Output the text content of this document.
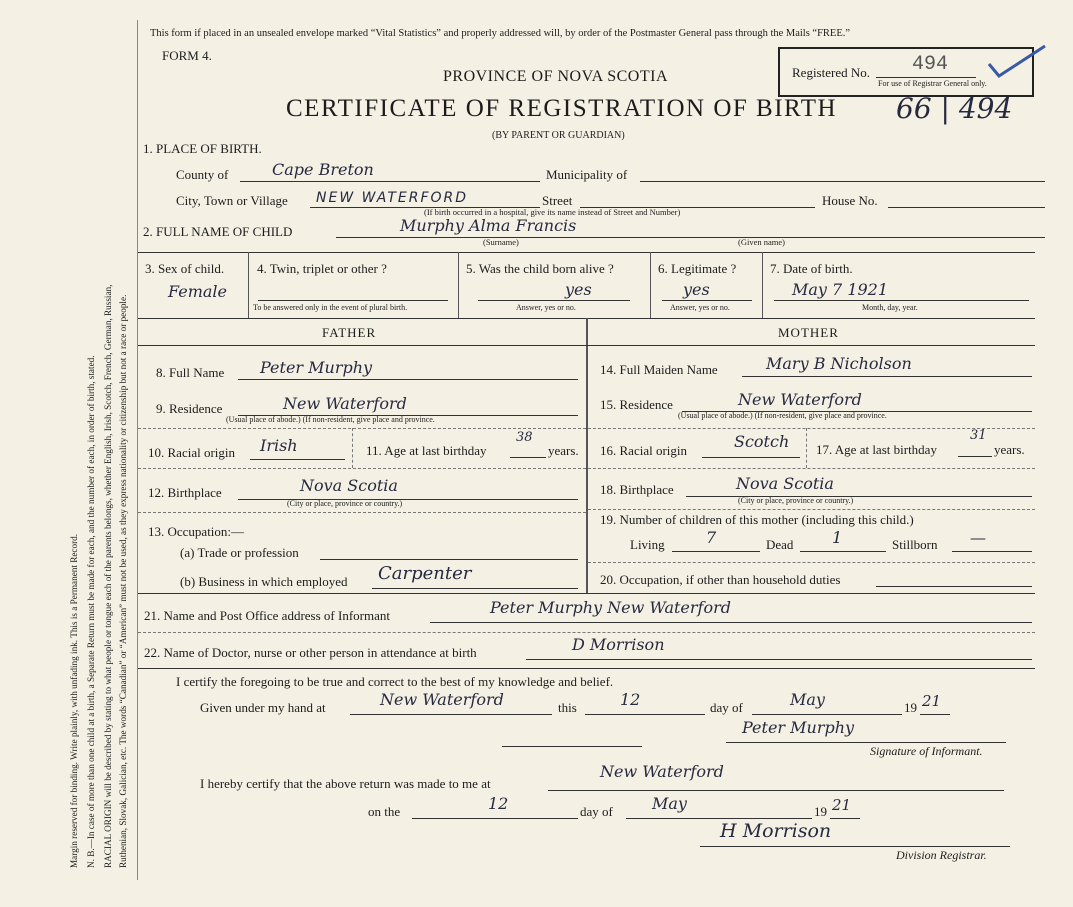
Margin reserved for binding. Write plainly, with unfading ink. This is a Permanent Record. N. B.—In case of more than one child at a birth, a Separate Return must be made for each, and the number of each, in order of birth, stated. RACIAL ORIGIN will be described by stating to what people or tongue each of the parents belongs, whether English, Irish, Scotch, French, German, Russian, Ruthenian, Slovak, Galician, etc. The words “Canadian” or “American” must not be used, as they express nationality or citizenship but not a race or people.
This form if placed in an unsealed envelope marked “Vital Statistics” and properly addressed will, by order of the Postmaster General pass through the Mails “FREE.”
FORM 4.
PROVINCE OF NOVA SCOTIA
CERTIFICATE OF REGISTRATION OF BIRTH
(BY PARENT OR GUARDIAN)
Registered No. 494
For use of Registrar General only.
66 | 494
1. PLACE OF BIRTH.
County of	Cape Breton	Municipality of
City, Town or Village NEW WATERFORD	Street	House No.
(If birth occurred in a hospital, give its name instead of Street and Number)
2. FULL NAME OF CHILD	Murphy Alma Francis
(Surname)	(Given name)
3. Sex of child.
Female
4. Twin, triplet or other ?
To be answered only in the event of plural birth.
5. Was the child born alive ?
yes
Answer, yes or no.
6. Legitimate ?
yes
Answer, yes or no.
7. Date of birth.
May 7 1921
Month, day, year.
FATHER	MOTHER
8. Full Name Peter Murphy
9. Residence	New Waterford
(Usual place of abode.) (If non-resident, give place and province.
10. Racial origin Irish	11. Age at last birthday
38
years.
12. Birthplace	Nova Scotia
(City or place, province or country.)
13. Occupation:—
(a) Trade or profession
(b) Business in which employed Carpenter
14. Full Maiden Name	Mary B Nicholson
15. Residence	New Waterford
(Usual place of abode.) (If non-resident, give place and province.
16. Racial origin	Scotch 17. Age at last birthday
31
years.
18. Birthplace	Nova Scotia
(City or place, province or country.)
19. Number of children of this mother (including this child.)
Living	7	Dead 1	Stillborn —
20. Occupation, if other than household duties
21. Name and Post Office address of Informant	Peter Murphy New Waterford
22. Name of Doctor, nurse or other person in attendance at birth	D Morrison
I certify the foregoing to be true and correct to the best of my knowledge and belief.
Given under my hand at	New Waterford	this	12	day of	May	19 21
Peter Murphy
Signature of Informant.
I hereby certify that the above return was made to me at
New Waterford
on the	12	day of May	19 21
H Morrison
Division Registrar.
